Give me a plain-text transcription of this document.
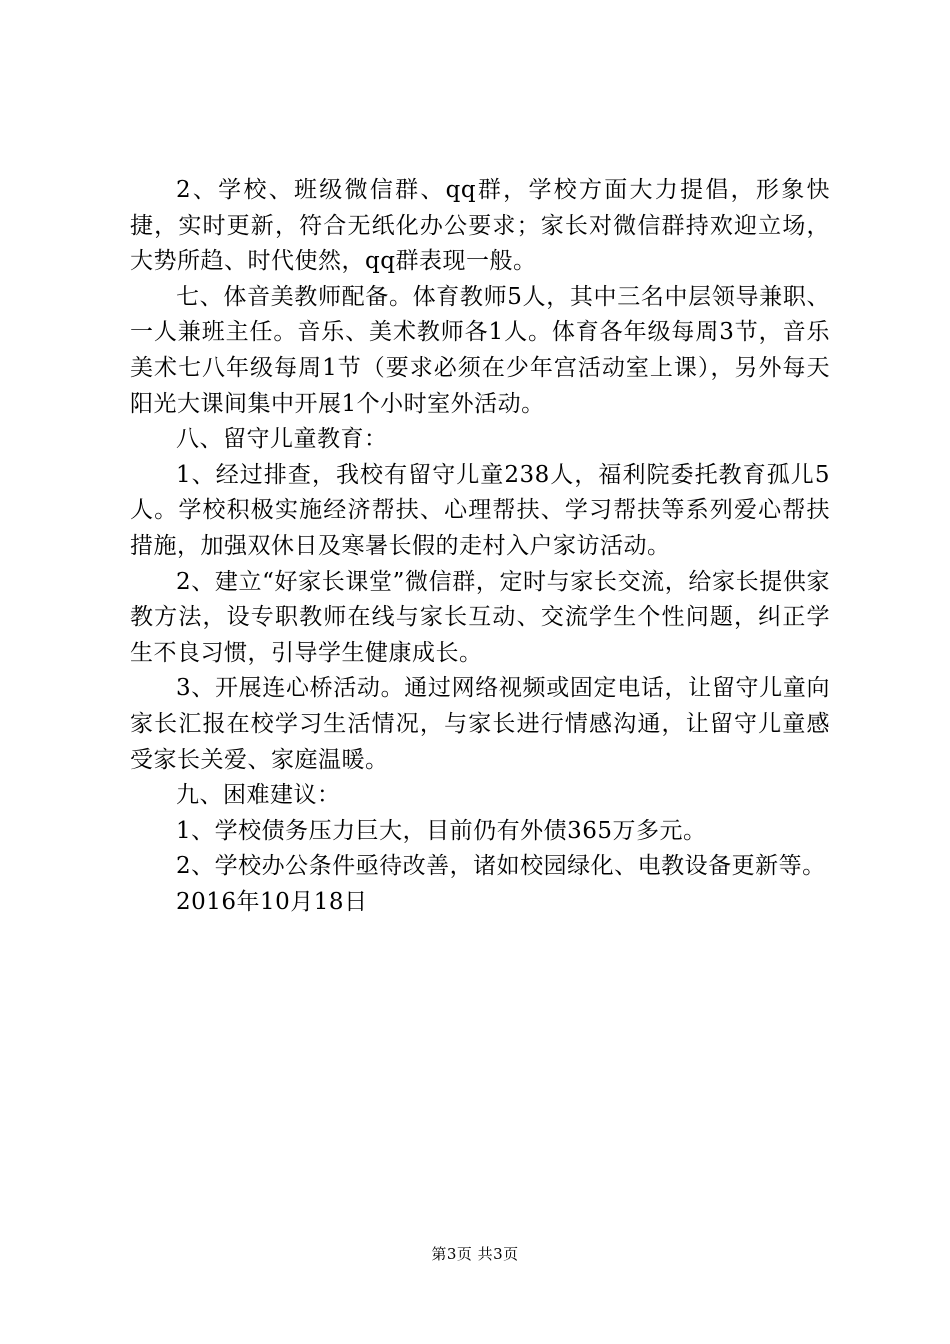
2、学校、班级微信群、qq群，学校方面大力提倡，形象快捷，实时更新，符合无纸化办公要求；家长对微信群持欢迎立场，大势所趋、时代使然，qq群表现一般。

七、体音美教师配备。体育教师5人，其中三名中层领导兼职、一人兼班主任。音乐、美术教师各1人。体育各年级每周3节，音乐美术七八年级每周1节（要求必须在少年宫活动室上课），另外每天阳光大课间集中开展1个小时室外活动。

八、留守儿童教育：

1、经过排查，我校有留守儿童238人，福利院委托教育孤儿5人。学校积极实施经济帮扶、心理帮扶、学习帮扶等系列爱心帮扶措施，加强双休日及寒暑长假的走村入户家访活动。

2、建立“好家长课堂”微信群，定时与家长交流，给家长提供家教方法，设专职教师在线与家长互动、交流学生个性问题，纠正学生不良习惯，引导学生健康成长。

3、开展连心桥活动。通过网络视频或固定电话，让留守儿童向家长汇报在校学习生活情况，与家长进行情感沟通，让留守儿童感受家长关爱、家庭温暖。

九、困难建议：

1、学校债务压力巨大，目前仍有外债365万多元。

2、学校办公条件亟待改善，诸如校园绿化、电教设备更新等。

2016年10月18日

第3页 共3页
